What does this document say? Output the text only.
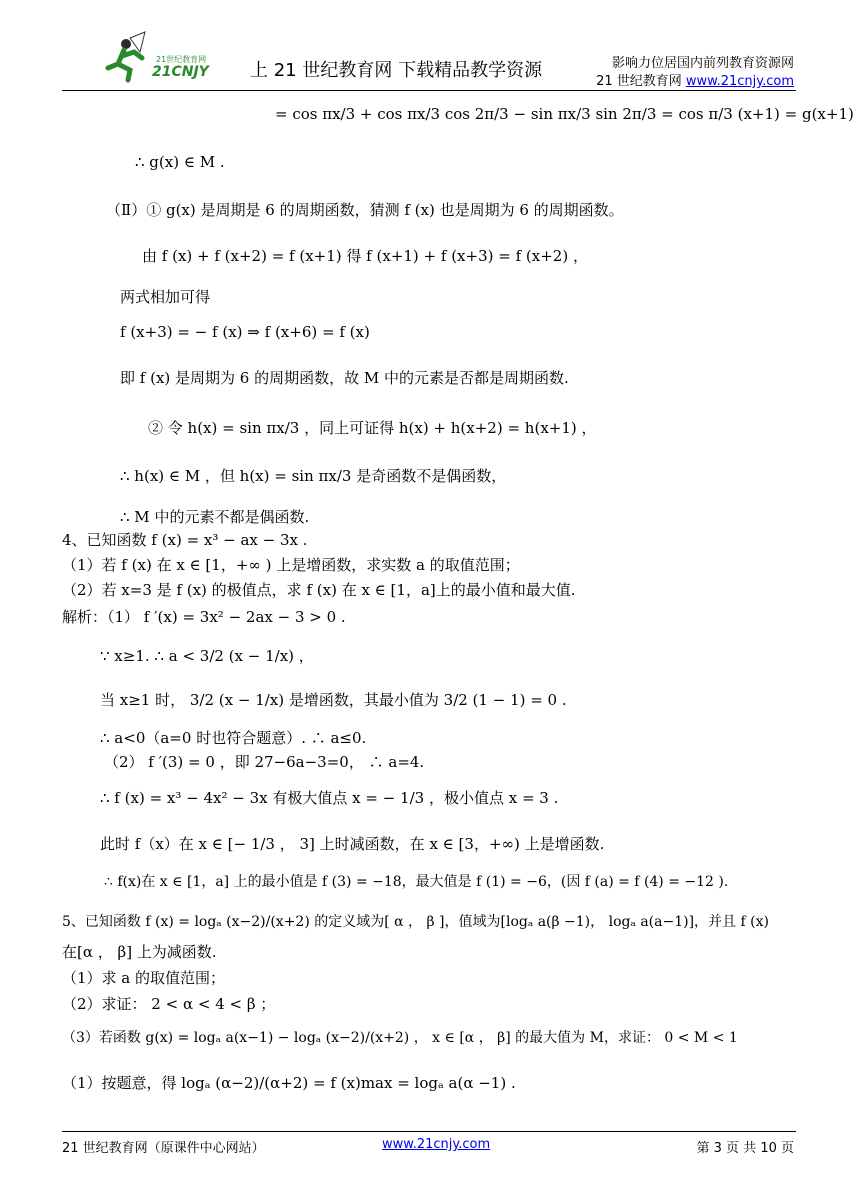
21世纪教育网
21CNJY 上 21 世纪教育网 下载精品教学资源	影响力位居国内前列教育资源网
21 世纪教育网 www.21cnjy.com
= cos πx/3 + cos πx/3 cos 2π/3 − sin πx/3 sin 2π/3 = cos π/3 (x+1) = g(x+1)
∴ g(x) ∈ M .
（Ⅱ）① g(x) 是周期是 6 的周期函数，猜测 f (x) 也是周期为 6 的周期函数。
由 f (x) + f (x+2) = f (x+1) 得 f (x+1) + f (x+3) = f (x+2) ，
两式相加可得
f (x+3) = − f (x) ⇒ f (x+6) = f (x)
即 f (x) 是周期为 6 的周期函数，故 M 中的元素是否都是周期函数.
② 令 h(x) = sin πx/3 ，同上可证得 h(x) + h(x+2) = h(x+1) ，
∴ h(x) ∈ M ，但 h(x) = sin πx/3 是奇函数不是偶函数，
∴ M 中的元素不都是偶函数.
4、已知函数 f (x) = x³ − ax − 3x .
（1）若 f (x) 在 x ∈ [1，+∞ ) 上是增函数，求实数 a 的取值范围；
（2）若 x=3 是 f (x) 的极值点，求 f (x) 在 x ∈ [1，a]上的最小值和最大值.
解析：（1） f ′(x) = 3x² − 2ax − 3 > 0 .
∵ x≥1. ∴ a < 3/2 (x − 1/x) ，
当 x≥1 时， 3/2 (x − 1/x) 是增函数，其最小值为 3/2 (1 − 1) = 0 .
∴ a<0（a=0 时也符合题意）. ∴ a≤0.
（2） f ′(3) = 0 ，即 27−6a−3=0， ∴ a=4.
∴ f (x) = x³ − 4x² − 3x 有极大值点 x = − 1/3 ，极小值点 x = 3 .
此时 f（x）在 x ∈ [− 1/3 ， 3] 上时减函数，在 x ∈ [3，+∞) 上是增函数.
∴ f(x)在 x ∈ [1，a] 上的最小值是 f (3) = −18，最大值是 f (1) = −6，(因 f (a) = f (4) = −12 ).
5、已知函数 f (x) = logₐ (x−2)/(x+2) 的定义域为[ α ， β ]，值域为[logₐ a(β −1)， logₐ a(a−1)]，并且 f (x)
在[α ， β] 上为减函数.
（1）求 a 的取值范围；
（2）求证： 2 < α < 4 < β ；
（3）若函数 g(x) = logₐ a(x−1) − logₐ (x−2)/(x+2) ， x ∈ [α ， β] 的最大值为 M，求证： 0 < M < 1
（1）按题意，得 logₐ (α−2)/(α+2) = f (x)max = logₐ a(α −1) .
21 世纪教育网（原课件中心网站）	www.21cnjy.com	第 3 页 共 10 页
